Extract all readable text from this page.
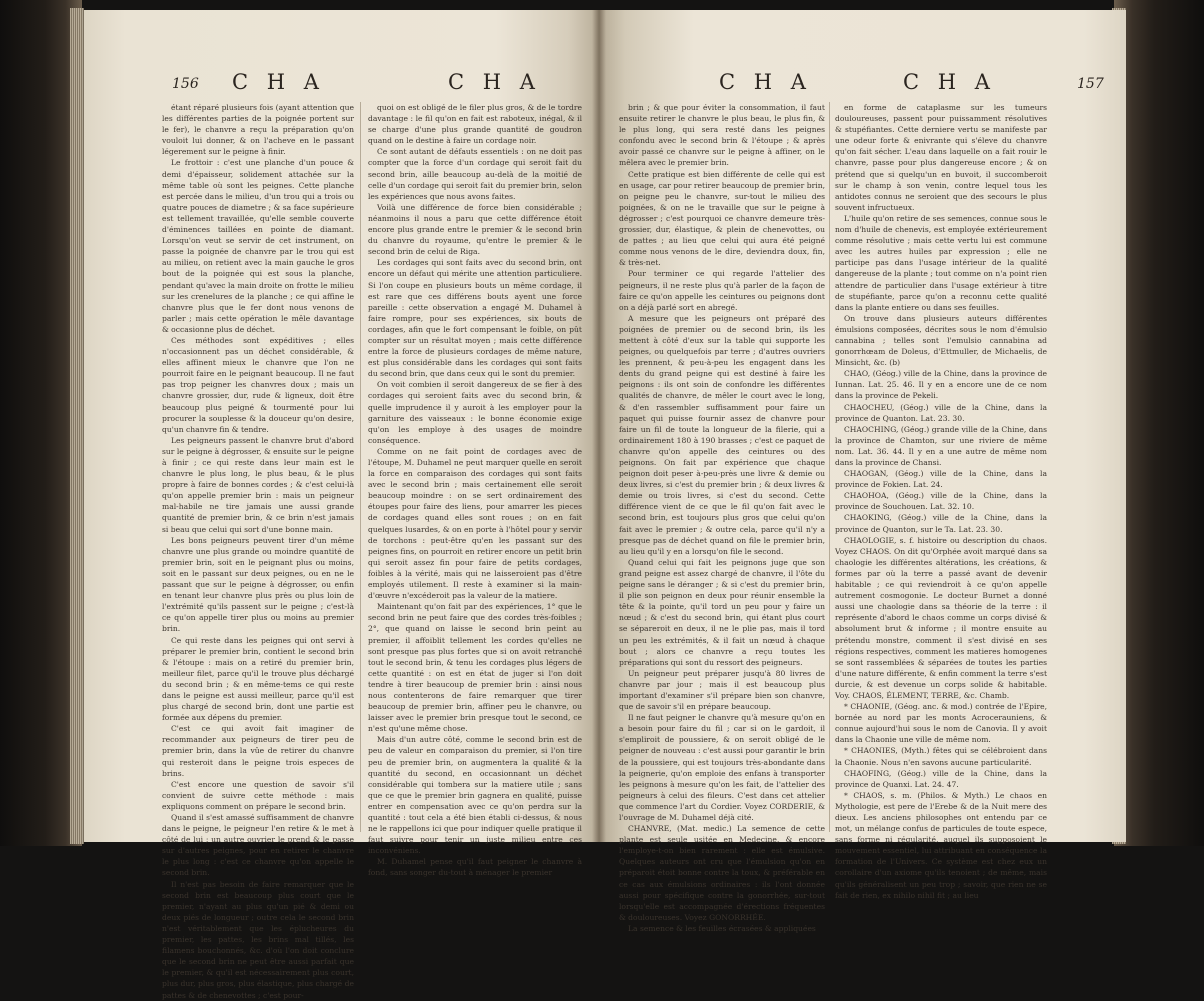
156 C H A	C H A

étant réparé plusieurs fois (ayant attention que les différentes parties de la poignée portent sur le fer), le chanvre a reçu la préparation qu'on vouloit lui donner, & on l'acheve en le passant légerement sur le peigne à finir.

Le frottoir : c'est une planche d'un pouce & demi d'épaisseur, solidement attachée sur la même table où sont les peignes. Cette planche est percée dans le milieu, d'un trou qui a trois ou quatre pouces de diametre ; & sa face supérieure est tellement travaillée, qu'elle semble couverte d'éminences taillées en pointe de diamant. Lorsqu'on veut se servir de cet instrument, on passe la poignée de chanvre par le trou qui est au milieu, on retient avec la main gauche le gros bout de la poignée qui est sous la planche, pendant qu'avec la main droite on frotte le milieu sur les crenelures de la planche ; ce qui affine le chanvre plus que le fer dont nous venons de parler ; mais cette opération le mêle davantage & occasionne plus de déchet.

Ces méthodes sont expéditives ; elles n'occasionnent pas un déchet considérable, & elles affinent mieux le chanvre que l'on ne pourroit faire en le peignant beaucoup. Il ne faut pas trop peigner les chanvres doux ; mais un chanvre grossier, dur, rude & ligneux, doit être beaucoup plus peigné & tourmenté pour lui procurer la souplesse & la douceur qu'on desire, qu'un chanvre fin & tendre.

Les peigneurs passent le chanvre brut d'abord sur le peigne à dégrosser, & ensuite sur le peigne à finir ; ce qui reste dans leur main est le chanvre le plus long, le plus beau, & le plus propre à faire de bonnes cordes ; & c'est celui-là qu'on appelle premier brin : mais un peigneur mal-habile ne tire jamais une aussi grande quantité de premier brin, & ce brin n'est jamais si beau que celui qui sort d'une bonne main.

Les bons peigneurs peuvent tirer d'un même chanvre une plus grande ou moindre quantité de premier brin, soit en le peignant plus ou moins, soit en le passant sur deux peignes, ou en ne le passant que sur le peigne à dégrosser, ou enfin en tenant leur chanvre plus près ou plus loin de l'extrémité qu'ils passent sur le peigne ; c'est-là ce qu'on appelle tirer plus ou moins au premier brin.

Ce qui reste dans les peignes qui ont servi à préparer le premier brin, contient le second brin & l'étoupe : mais on a retiré du premier brin, meilleur filet, parce qu'il le trouve plus déchargé du second brin ; & en même-tems ce qui reste dans le peigne est aussi meilleur, parce qu'il est plus chargé de second brin, dont une partie est formée aux dépens du premier.

C'est ce qui avoit fait imaginer de recommander aux peigneurs de tirer peu de premier brin, dans la vûe de retirer du chanvre qui resteroit dans le peigne trois especes de brins.

C'est encore une question de savoir s'il convient de suivre cette méthode : mais expliquons comment on prépare le second brin.

Quand il s'est amassé suffisamment de chanvre dans le peigne, le peigneur l'en retire & le met à côté de lui ; un autre ouvrier le prend & le passe sur d'autres peignes, pour en retirer le chanvre le plus long : c'est ce chanvre qu'on appelle le second brin.

Il n'est pas besoin de faire remarquer que le second brin est beaucoup plus court que le premier, n'ayant au plus qu'un pié & demi ou deux piés de longueur ; outre cela le second brin n'est véritablement que les éplucheures du premier, les pattes, les brins mal tillés, les filamens bouchonnés, &c. d'où l'on doit conclure que le second brin ne peut être aussi parfait que le premier, & qu'il est nécessairement plus court, plus dur, plus gros, plus élastique, plus chargé de pattes & de chenevottes ; c'est pour-

quoi on est obligé de le filer plus gros, & de le tordre davantage : le fil qu'on en fait est raboteux, inégal, & il se charge d'une plus grande quantité de goudron quand on le destine à faire un cordage noir.

Ce sont autant de défauts essentiels : on ne doit pas compter que la force d'un cordage qui seroit fait du second brin, aille beaucoup au-delà de la moitié de celle d'un cordage qui seroit fait du premier brin, selon les expériences que nous avons faites.

Voilà une différence de force bien considérable ; néanmoins il nous a paru que cette différence étoit encore plus grande entre le premier & le second brin du chanvre du royaume, qu'entre le premier & le second brin de celui de Riga.

Les cordages qui sont faits avec du second brin, ont encore un défaut qui mérite une attention particuliere. Si l'on coupe en plusieurs bouts un même cordage, il est rare que ces différens bouts ayent une force pareille : cette observation a engagé M. Duhamel à faire rompre, pour ses expériences, six bouts de cordages, afin que le fort compensant le foible, on pût compter sur un résultat moyen ; mais cette différence entre la force de plusieurs cordages de même nature, est plus considérable dans les cordages qui sont faits du second brin, que dans ceux qui le sont du premier.

On voit combien il seroit dangereux de se fier à des cordages qui seroient faits avec du second brin, & quelle imprudence il y auroit à les employer pour la garniture des vaisseaux : le bonne économie exige qu'on les employe à des usages de moindre conséquence.

Comme on ne fait point de cordages avec de l'étoupe, M. Duhamel ne peut marquer quelle en seroit la force en comparaison des cordages qui sont faits avec le second brin ; mais certainement elle seroit beaucoup moindre : on se sert ordinairement des étoupes pour faire des liens, pour amarrer les pieces de cordages quand elles sont roues ; on en fait quelques lusardes, & on en porte à l'hôtel pour y servir de torchons : peut-être qu'en les passant sur des peignes fins, on pourroit en retirer encore un petit brin qui seroit assez fin pour faire de petits cordages, foibles à la vérité, mais qui ne laisseroient pas d'être employés utilement. Il reste à examiner si la main-d'œuvre n'excéderoit pas la valeur de la matiere.

Maintenant qu'on fait par des expériences, 1° que le second brin ne peut faire que des cordes très-foibles ; 2°, que quand on laisse le second brin peint au premier, il affoiblit tellement les cordes qu'elles ne sont presque pas plus fortes que si on avoit retranché tout le second brin, & tenu les cordages plus légers de cette quantité : on est en état de juger si l'on doit tendre à tirer beaucoup de premier brin : ainsi nous nous contenterons de faire remarquer que tirer beaucoup de premier brin, affiner peu le chanvre, ou laisser avec le premier brin presque tout le second, ce n'est qu'une même chose.

Mais d'un autre côté, comme le second brin est de peu de valeur en comparaison du premier, si l'on tire peu de premier brin, on augmentera la qualité & la quantité du second, en occasionnant un déchet considérable qui tombera sur la matiere utile ; sans que ce que le premier brin gagnera en qualité, puisse entrer en compensation avec ce qu'on perdra sur la quantité : tout cela a été bien établi ci-dessus, & nous ne le rappellons ici que pour indiquer quelle pratique il faut suivre pour tenir un juste milieu entre ces inconvéniens.

M. Duhamel pense qu'il faut peigner le chanvre à fond, sans songer du-tout à ménager le premier

C H A	C H A	157

brin ; & que pour éviter la consommation, il faut ensuite retirer le chanvre le plus beau, le plus fin, & le plus long, qui sera resté dans les peignes confondu avec le second brin & l'étoupe ; & après avoir passé ce chanvre sur le peigne à affiner, on le mêlera avec le premier brin.

Cette pratique est bien différente de celle qui est en usage, car pour retirer beaucoup de premier brin, on peigne peu le chanvre, sur-tout le milieu des poignées, & on ne le travaille que sur le peigne à dégrosser ; c'est pourquoi ce chanvre demeure très-grossier, dur, élastique, & plein de chenevottes, ou de pattes ; au lieu que celui qui aura été peigné comme nous venons de le dire, deviendra doux, fin, & très-net.

Pour terminer ce qui regarde l'attelier des peigneurs, il ne reste plus qu'à parler de la façon de faire ce qu'on appelle les ceintures ou peignons dont on a déjà parlé sort en abregé.

A mesure que les peigneurs ont préparé des poignées de premier ou de second brin, ils les mettent à côté d'eux sur la table qui supporte les peignes, ou quelquefois par terre ; d'autres ouvriers les prennent, & peu-à-peu les engagent dans les dents du grand peigne qui est destiné à faire les peignons : ils ont soin de confondre les différentes qualités de chanvre, de mêler le court avec le long, & d'en rassembler suffisamment pour faire un paquet qui puisse fournir assez de chanvre pour faire un fil de toute la longueur de la filerie, qui a ordinairement 180 à 190 brasses ; c'est ce paquet de chanvre qu'on appelle des ceintures ou des peignons. On fait par expérience que chaque peignon doit peser à-peu-près une livre & demie ou deux livres, si c'est du premier brin ; & deux livres & demie ou trois livres, si c'est du second. Cette différence vient de ce que le fil qu'on fait avec le second brin, est toujours plus gros que celui qu'on fait avec le premier ; & outre cela, parce qu'il n'y a presque pas de déchet quand on file le premier brin, au lieu qu'il y en a lorsqu'on file le second.

Quand celui qui fait les peignons juge que son grand peigne est assez chargé de chanvre, il l'ôte du peigne sans le déranger ; & si c'est du premier brin, il plie son peignon en deux pour réunir ensemble la tête & la pointe, qu'il tord un peu pour y faire un nœud ; & c'est du second brin, qui étant plus court se sépareroit en deux, il ne le plie pas, mais il tord un peu les extrémités, & il fait un nœud à chaque bout ; alors ce chanvre a reçu toutes les préparations qui sont du ressort des peigneurs.

Un peigneur peut préparer jusqu'à 80 livres de chanvre par jour ; mais il est beaucoup plus important d'examiner s'il prépare bien son chanvre, que de savoir s'il en prépare beaucoup.

Il ne faut peigner le chanvre qu'à mesure qu'on en a besoin pour faire du fil ; car si on le gardoit, il s'empliroit de poussiere, & on seroit obligé de le peigner de nouveau : c'est aussi pour garantir le brin de la poussiere, qui est toujours très-abondante dans la peignerie, qu'on emploie des enfans à transporter les peignons à mesure qu'on les fait, de l'attelier des peigneurs à celui des fileurs. C'est dans cet attelier que commence l'art du Cordier. Voyez CORDERIE, & l'ouvrage de M. Duhamel déjà cité.

CHANVRE, (Mat. medic.) La semence de cette plante est seule usitée en Medecine, & encore l'employe-t-on bien rarement : elle est émulsive. Quelques auteurs ont cru que l'émulsion qu'on en préparoit étoit bonne contre la toux, & préférable en ce cas aux émulsions ordinaires : ils l'ont donnée aussi pour spécifique contre la gonorrhée, sur-tout lorsqu'elle est accompagnée d'érections fréquentes & douloureuses. Voyez GONORRHÉE.

La semence & les feuilles écrasées & appliquées

en forme de cataplasme sur les tumeurs douloureuses, passent pour puissamment résolutives & stupéfiantes. Cette derniere vertu se manifeste par une odeur forte & enivrante qui s'éleve du chanvre qu'on fait sécher. L'eau dans laquelle on a fait rouir le chanvre, passe pour plus dangereuse encore ; & on prétend que si quelqu'un en buvoit, il succomberoit sur le champ à son venin, contre lequel tous les antidotes connus ne seroient que des secours le plus souvent infructueux.

L'huile qu'on retire de ses semences, connue sous le nom d'huile de chenevis, est employée extérieurement comme résolutive ; mais cette vertu lui est commune avec les autres huiles par expression ; elle ne participe pas dans l'usage intérieur de la qualité dangereuse de la plante ; tout comme on n'a point rien attendre de particulier dans l'usage extérieur à titre de stupéfiante, parce qu'on a reconnu cette qualité dans la plante entiere ou dans ses feuilles.

On trouve dans plusieurs auteurs différentes émulsions composées, décrites sous le nom d'émulsio cannabina ; telles sont l'emulsio cannabina ad gonorrhœam de Doleus, d'Ettmuller, de Michaelis, de Minsicht, &c. (b)

CHAO, (Géog.) ville de la Chine, dans la province de Iunnan. Lat. 25. 46. Il y en a encore une de ce nom dans la province de Pekeli.

CHAOCHEU, (Géog.) ville de la Chine, dans la province de Quanton. Lat. 23. 30.

CHAOCHING, (Géog.) grande ville de la Chine, dans la province de Chamton, sur une riviere de même nom. Lat. 36. 44. Il y en a une autre de même nom dans la province de Chansi.

CHAOGAN, (Géog.) ville de la Chine, dans la province de Fokien. Lat. 24.

CHAOHOA, (Géog.) ville de la Chine, dans la province de Souchouen. Lat. 32. 10.

CHAOKING, (Géog.) ville de la Chine, dans la province de Quanton, sur le Ta. Lat. 23. 30.

CHAOLOGIE, s. f. histoire ou description du chaos. Voyez CHAOS. On dit qu'Orphée avoit marqué dans sa chaologie les différentes altérations, les créations, & formes par où la terre a passé avant de devenir habitable ; ce qui reviendroit à ce qu'on appelle autrement cosmogonie. Le docteur Burnet a donné aussi une chaologie dans sa théorie de la terre : il représente d'abord le chaos comme un corps divisé & absolument brut & informe ; il montre ensuite au prétendu monstre, comment il s'est divisé en ses régions respectives, comment les matieres homogenes se sont rassemblées & séparées de toutes les parties d'une nature différente, & enfin comment la terre s'est durcie, & est devenue un corps solide & habitable. Voy. CHAOS, ÉLEMENT, TERRE, &c. Chamb.

* CHAONIE, (Géog. anc. & mod.) contrée de l'Epire, bornée au nord par les monts Acrocerauniens, & connue aujourd'hui sous le nom de Canovia. Il y avoit dans la Chaonie une ville de même nom.

* CHAONIES, (Myth.) fêtes qui se célébroient dans la Chaonie. Nous n'en savons aucune particularité.

CHAOFING, (Géog.) ville de la Chine, dans la province de Quanxi. Lat. 24. 47.

* CHAOS, s. m. (Philos. & Myth.) Le chaos en Mythologie, est pere de l'Erebe & de la Nuit mere des dieux. Les anciens philosophes ont entendu par ce mot, un mélange confus de particules de toute espece, sans forme ni régularité, auquel ils supposoient le mouvement essentiel, lui attribuant en conséquence la formation de l'Univers. Ce système est chez eux un corollaire d'un axiome qu'ils tenoient ; de même, mais qu'ils généralisent un peu trop ; savoir, que rien ne se fait de rien, ex nihilo nihil fit ; au lieu
